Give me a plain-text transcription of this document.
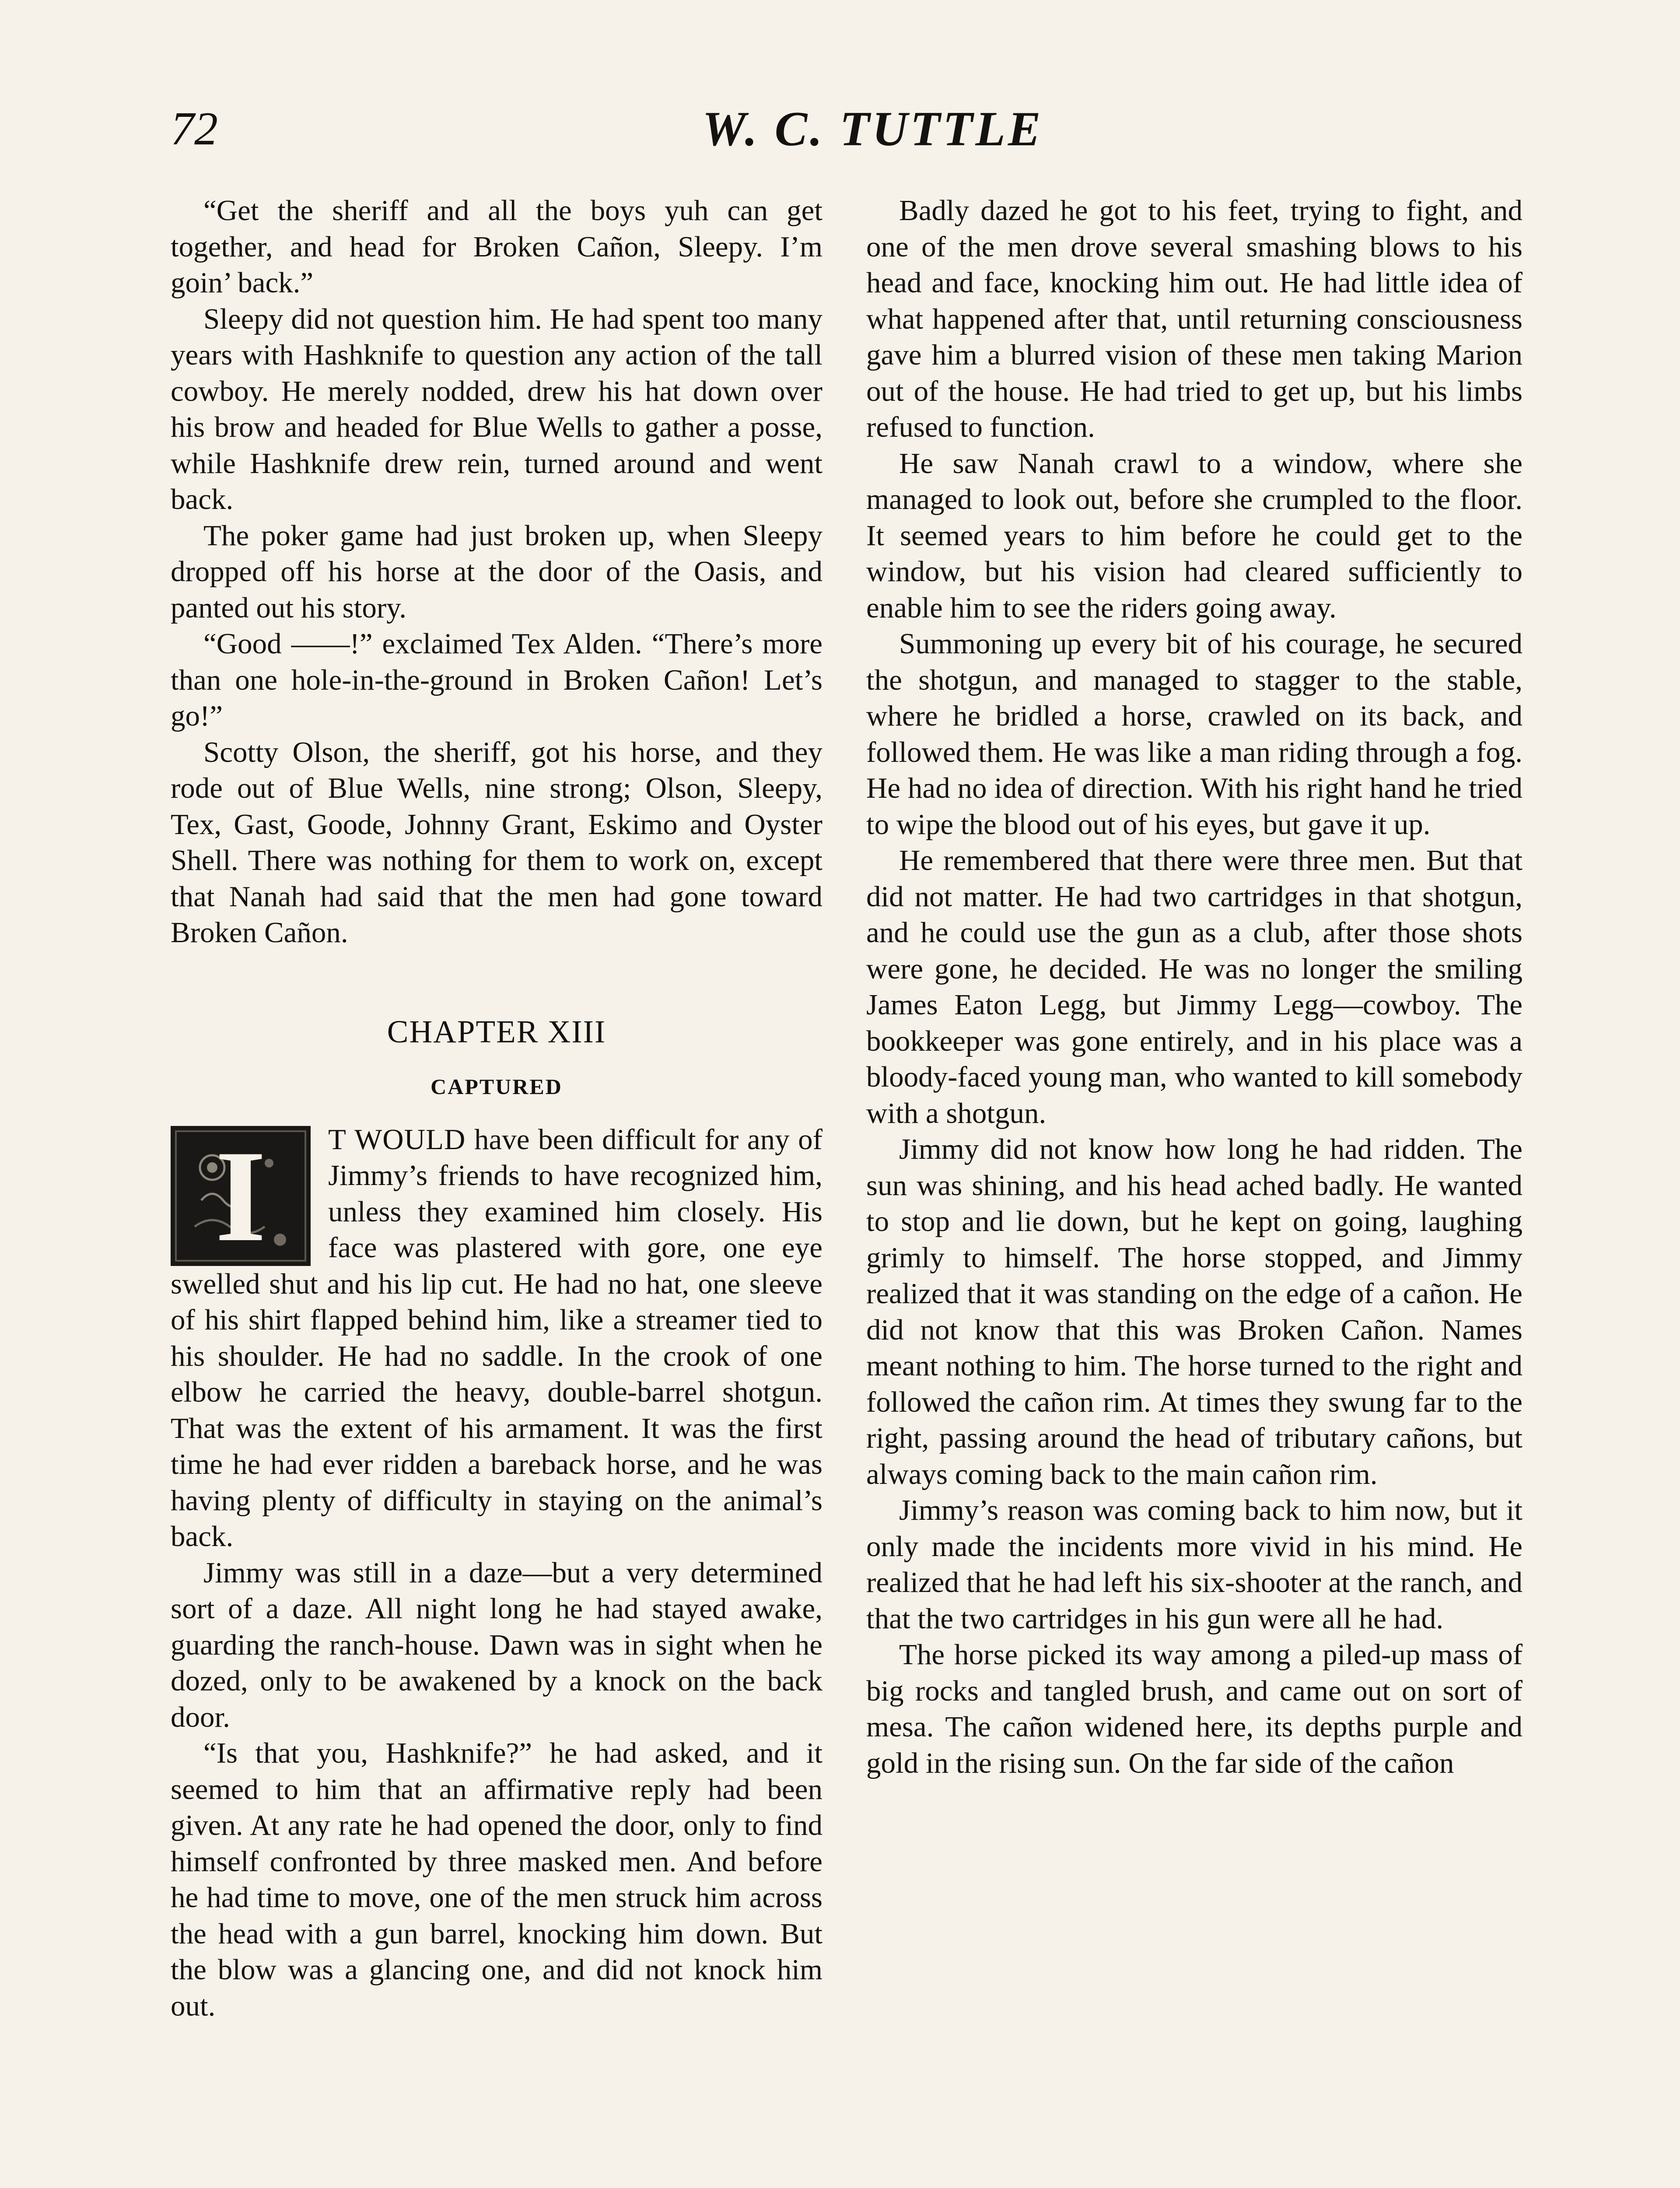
72	W. C. TUTTLE

“Get the sheriff and all the boys yuh can get together, and head for Broken Cañon, Sleepy. I’m goin’ back.”

Sleepy did not question him. He had spent too many years with Hashknife to question any action of the tall cowboy. He merely nodded, drew his hat down over his brow and headed for Blue Wells to gather a posse, while Hashknife drew rein, turned around and went back.

The poker game had just broken up, when Sleepy dropped off his horse at the door of the Oasis, and panted out his story.

“Good ——!” exclaimed Tex Alden. “There’s more than one hole-in-the-ground in Broken Cañon! Let’s go!”

Scotty Olson, the sheriff, got his horse, and they rode out of Blue Wells, nine strong; Olson, Sleepy, Tex, Gast, Goode, Johnny Grant, Eskimo and Oyster Shell. There was nothing for them to work on, except that Nanah had said that the men had gone toward Broken Cañon.

CHAPTER XIII
CAPTURED

I	T WOULD have been difficult for any of Jimmy’s friends to have recognized him, unless they examined him closely. His face was plastered with gore, one eye swelled shut and his lip cut. He had no hat, one sleeve of his shirt flapped behind him, like a streamer tied to his shoulder. He had no saddle. In the crook of one elbow he carried the heavy, double-barrel shotgun. That was the extent of his armament. It was the first time he had ever ridden a bareback horse, and he was having plenty of difficulty in staying on the animal’s back.

Jimmy was still in a daze—but a very determined sort of a daze. All night long he had stayed awake, guarding the ranch-house. Dawn was in sight when he dozed, only to be awakened by a knock on the back door.

“Is that you, Hashknife?” he had asked, and it seemed to him that an affirmative reply had been given. At any rate he had opened the door, only to find himself confronted by three masked men. And before he had time to move, one of the men struck him across the head with a gun barrel, knocking him down. But the blow was a glancing one, and did not knock him out.

Badly dazed he got to his feet, trying to fight, and one of the men drove several smashing blows to his head and face, knocking him out. He had little idea of what happened after that, until returning consciousness gave him a blurred vision of these men taking Marion out of the house. He had tried to get up, but his limbs refused to function.

He saw Nanah crawl to a window, where she managed to look out, before she crumpled to the floor. It seemed years to him before he could get to the window, but his vision had cleared sufficiently to enable him to see the riders going away.

Summoning up every bit of his courage, he secured the shotgun, and managed to stagger to the stable, where he bridled a horse, crawled on its back, and followed them. He was like a man riding through a fog. He had no idea of direction. With his right hand he tried to wipe the blood out of his eyes, but gave it up.

He remembered that there were three men. But that did not matter. He had two cartridges in that shotgun, and he could use the gun as a club, after those shots were gone, he decided. He was no longer the smiling James Eaton Legg, but Jimmy Legg—cowboy. The bookkeeper was gone entirely, and in his place was a bloody-faced young man, who wanted to kill somebody with a shotgun.

Jimmy did not know how long he had ridden. The sun was shining, and his head ached badly. He wanted to stop and lie down, but he kept on going, laughing grimly to himself. The horse stopped, and Jimmy realized that it was standing on the edge of a cañon. He did not know that this was Broken Cañon. Names meant nothing to him. The horse turned to the right and followed the cañon rim. At times they swung far to the right, passing around the head of tributary cañons, but always coming back to the main cañon rim.

Jimmy’s reason was coming back to him now, but it only made the incidents more vivid in his mind. He realized that he had left his six-shooter at the ranch, and that the two cartridges in his gun were all he had.

The horse picked its way among a piled-up mass of big rocks and tangled brush, and came out on sort of mesa. The cañon widened here, its depths purple and gold in the rising sun. On the far side of the cañon
